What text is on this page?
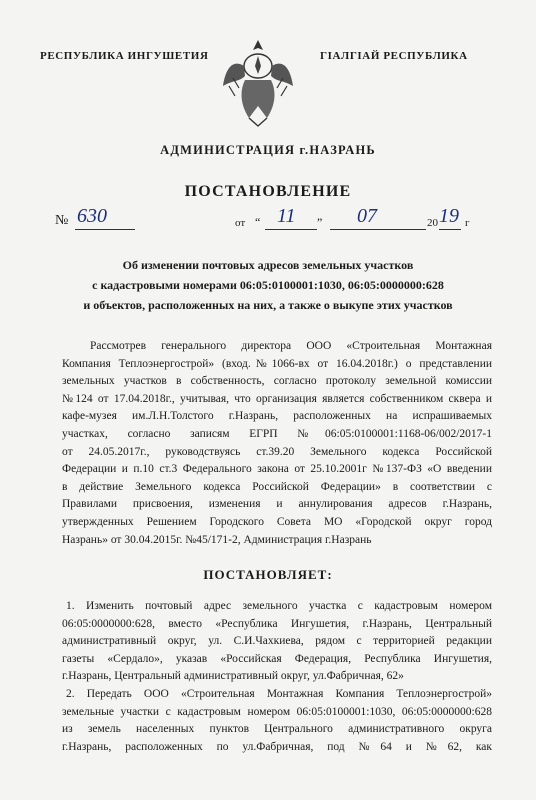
РЕСПУБЛИКА ИНГУШЕТИЯ	ГIАЛГIАЙ РЕСПУБЛИКА
АДМИНИСТРАЦИЯ г.НАЗРАНЬ
ПОСТАНОВЛЕНИЕ
№ 630	от “ 11 ” 07	20 19 г
Об изменении почтовых адресов земельных участков
с кадастровыми номерами 06:05:0100001:1030, 06:05:0000000:628
и объектов, расположенных на них, а также о выкупе этих участков
Рассмотрев генерального директора ООО «Строительная Монтажная
Компания Теплоэнергострой» (вход.№1066-вх от 16.04.2018г.) о представлении
земельных участков в собственность, согласно протоколу земельной комиссии
№124 от 17.04.2018г., учитывая, что организация является собственником сквера и
кафе-музея им.Л.Н.Толстого г.Назрань, расположенных на испрашиваемых
участках, согласно записям ЕГРП №06:05:0100001:1168-06/002/2017-1
от 24.05.2017г., руководствуясь ст.39.20 Земельного кодекса Российской
Федерации и п.10 ст.3 Федерального закона от 25.10.2001г №137-ФЗ «О введении
в действие Земельного кодекса Российской Федерации» в соответствии с
Правилами присвоения, изменения и аннулирования адресов г.Назрань,
утвержденных Решением Городского Совета МО «Городской округ город
Назрань» от 30.04.2015г. №45/171-2, Администрация г.Назрань
ПОСТАНОВЛЯЕТ:
1. Изменить почтовый адрес земельного участка с кадастровым номером
06:05:0000000:628, вместо «Республика Ингушетия, г.Назрань, Центральный
административный округ, ул. С.И.Чахкиева, рядом с территорией редакции
газеты «Сердало», указав «Российская Федерация, Республика Ингушетия,
г.Назрань, Центральный административный округ, ул.Фабричная, 62»
2. Передать ООО «Строительная Монтажная Компания Теплоэнергострой»
земельные участки с кадастровым номером 06:05:0100001:1030, 06:05:0000000:628
из земель населенных пунктов Центрального административного округа
г.Назрань, расположенных по ул.Фабричная, под №64 и №62, как
